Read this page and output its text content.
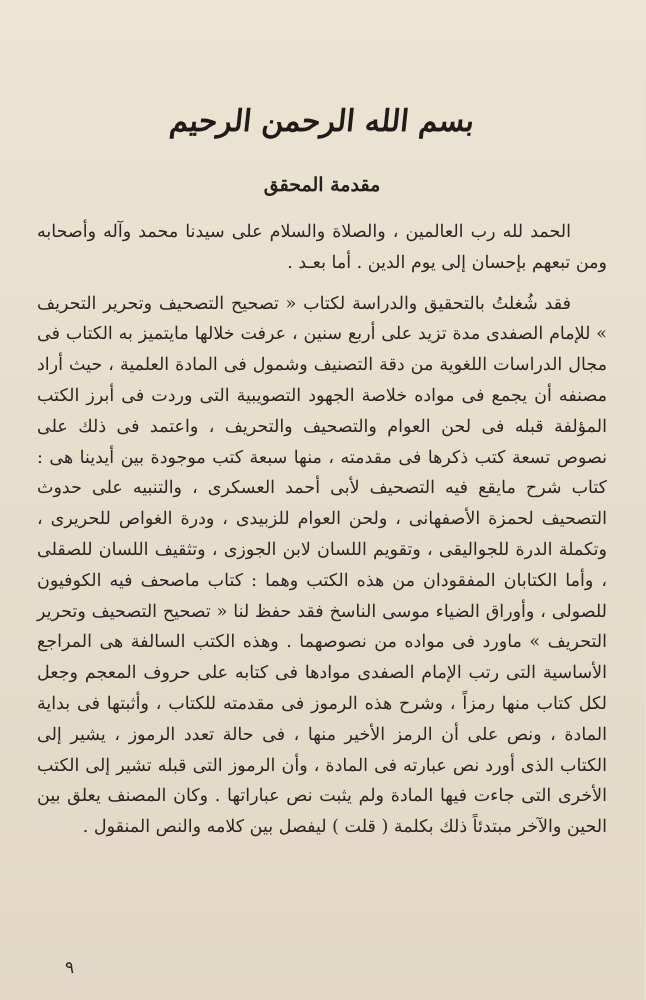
بسم الله الرحمن الرحيم
مقدمة المحقق

الحمد لله رب العالمين ، والصلاة والسلام على سيدنا محمد وآله وأصحابه ومن تبعهم بإحسان إلى يوم الدين . أما بعـد .

فقد شُغلتُ بالتحقيق والدراسة لكتاب « تصحيح التصحيف وتحرير التحريف » للإمام الصفدى مدة تزيد على أربع سنين ، عرفت خلالها مايتميز به الكتاب فى مجال الدراسات اللغوية من دقة التصنيف وشمول فى المادة العلمية ، حيث أراد مصنفه أن يجمع فى مواده خلاصة الجهود التصويبية التى وردت فى أبرز الكتب المؤلفة قبله فى لحن العوام والتصحيف والتحريف ، واعتمد فى ذلك على نصوص تسعة كتب ذكرها فى مقدمته ، منها سبعة كتب موجودة بين أيدينا هى : كتاب شرح مايقع فيه التصحيف لأبى أحمد العسكرى ، والتنبيه على حدوث التصحيف لحمزة الأصفهانى ، ولحن العوام للزبيدى ، ودرة الغواص للحريرى ، وتكملة الدرة للجواليقى ، وتقويم اللسان لابن الجوزى ، وتثقيف اللسان للصقلى ، وأما الكتابان المفقودان من هذه الكتب وهما : كتاب ماصحف فيه الكوفيون للصولى ، وأوراق الضياء موسى الناسخ فقد حفظ لنا « تصحيح التصحيف وتحرير التحريف » ماورد فى مواده من نصوصهما . وهذه الكتب السالفة هى المراجع الأساسية التى رتب الإمام الصفدى موادها فى كتابه على حروف المعجم وجعل لكل كتاب منها رمزاً ، وشرح هذه الرموز فى مقدمته للكتاب ، وأثبتها فى بداية المادة ، ونص على أن الرمز الأخير منها ، فى حالة تعدد الرموز ، يشير إلى الكتاب الذى أورد نص عبارته فى المادة ، وأن الرموز التى قبله تشير إلى الكتب الأخرى التى جاءت فيها المادة ولم يثبت نص عباراتها . وكان المصنف يعلق بين الحين والآخر مبتدئاً ذلك بكلمة ( قلت ) ليفصل بين كلامه والنص المنقول .

٩
